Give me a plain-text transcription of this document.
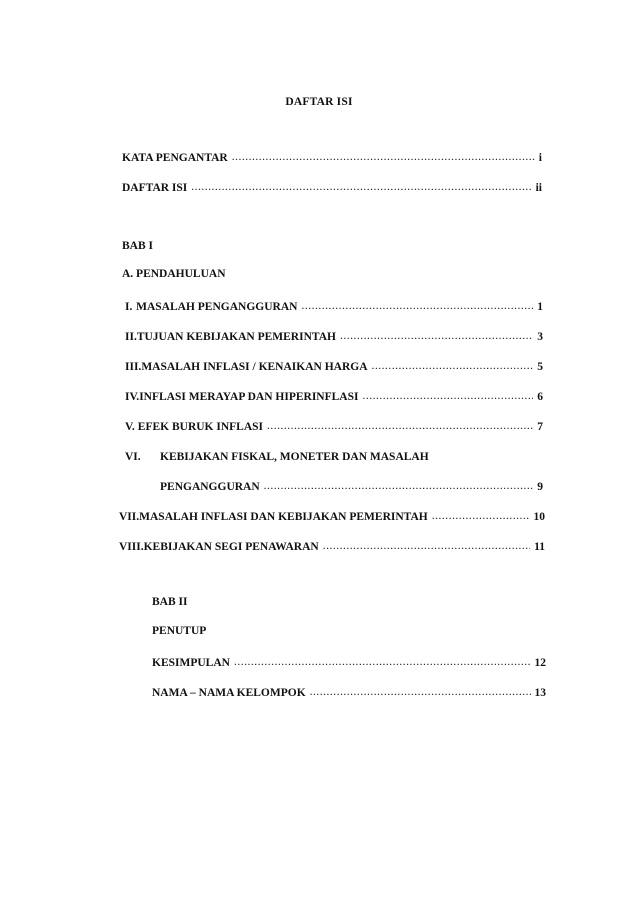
DAFTAR ISI
KATA PENGANTAR .....	i
DAFTAR ISI .....	ii
BAB I
A. PENDAHULUAN
I. MASALAH PENGANGGURAN .....	1
II. TUJUAN KEBIJAKAN PEMERINTAH .....	3
III. MASALAH INFLASI / KENAIKAN HARGA .....	5
IV. INFLASI MERAYAP DAN HIPERINFLASI .....	6
V. EFEK BURUK INFLASI .....	7
VI.	KEBIJAKAN FISKAL, MONETER DAN MASALAH
PENGANGGURAN .....	9
VII. MASALAH INFLASI DAN KEBIJAKAN PEMERINTAH .....	10
VIII. KEBIJAKAN SEGI PENAWARAN .....	11
BAB II
PENUTUP
KESIMPULAN .....	12
NAMA – NAMA KELOMPOK .....	13
